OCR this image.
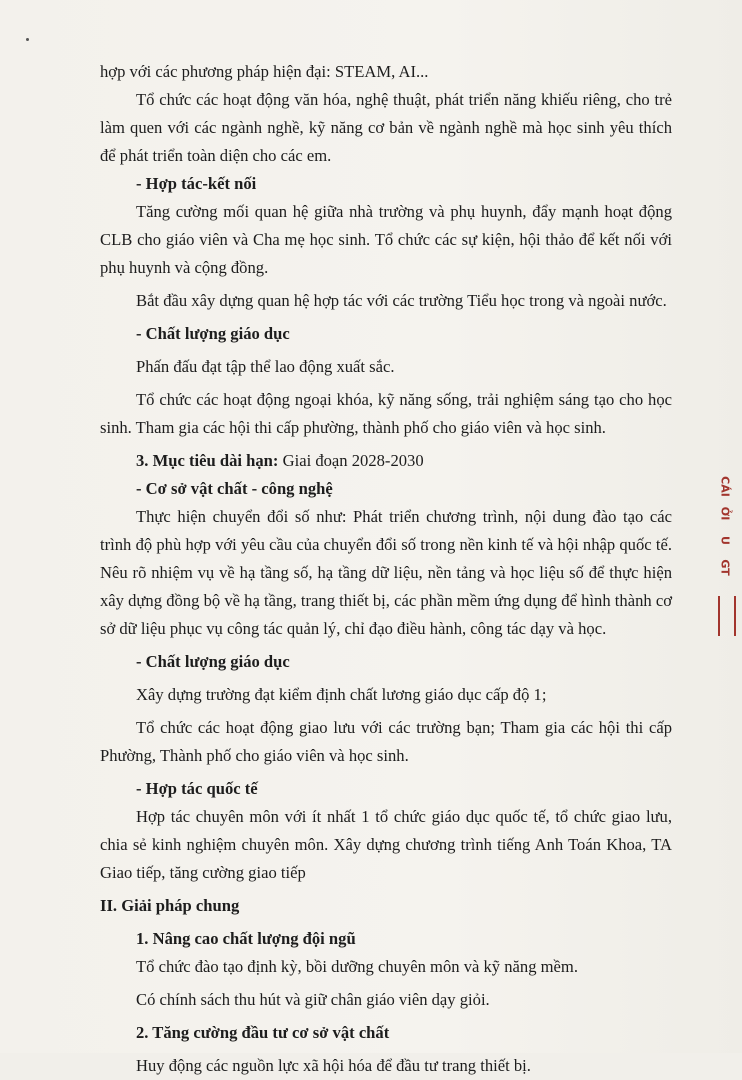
hợp với các phương pháp hiện đại: STEAM, AI...

Tổ chức các hoạt động văn hóa, nghệ thuật, phát triển năng khiếu riêng, cho trẻ làm quen với các ngành nghề, kỹ năng cơ bản về ngành nghề mà học sinh yêu thích để phát triển toàn diện cho các em.

- Hợp tác-kết nối

Tăng cường mối quan hệ giữa nhà trường và phụ huynh, đẩy mạnh hoạt động CLB cho giáo viên và Cha mẹ học sinh. Tổ chức các sự kiện, hội thảo để kết nối với phụ huynh và cộng đồng.

Bắt đầu xây dựng quan hệ hợp tác với các trường Tiểu học trong và ngoài nước.

- Chất lượng giáo dục

Phấn đấu đạt tập thể lao động xuất sắc.

Tổ chức các hoạt động ngoại khóa, kỹ năng sống, trải nghiệm sáng tạo cho học sinh. Tham gia các hội thi cấp phường, thành phố cho giáo viên và học sinh.

3. Mục tiêu dài hạn: Giai đoạn 2028-2030

- Cơ sở vật chất - công nghệ

Thực hiện chuyển đổi số như: Phát triển chương trình, nội dung đào tạo các trình độ phù hợp với yêu cầu của chuyển đổi số trong nền kinh tế và hội nhập quốc tế. Nêu rõ nhiệm vụ về hạ tầng số, hạ tầng dữ liệu, nền tảng và học liệu số để thực hiện xây dựng đồng bộ về hạ tầng, trang thiết bị, các phần mềm ứng dụng để hình thành cơ sở dữ liệu phục vụ công tác quản lý, chỉ đạo điều hành, công tác dạy và học.

- Chất lượng giáo dục

Xây dựng trường đạt kiểm định chất lương giáo dục cấp độ 1;

Tổ chức các hoạt động giao lưu với các trường bạn; Tham gia các hội thi cấp Phường, Thành phố cho giáo viên và học sinh.

- Hợp tác quốc tế

Hợp tác chuyên môn với ít nhất 1 tổ chức giáo dục quốc tế, tổ chức giao lưu, chia sẻ kinh nghiệm chuyên môn. Xây dựng chương trình tiếng Anh Toán Khoa, TA Giao tiếp, tăng cường giao tiếp

II. Giải pháp chung

1. Nâng cao chất lượng đội ngũ

Tổ chức đào tạo định kỳ, bồi dưỡng chuyên môn và kỹ năng mềm.

Có chính sách thu hút và giữ chân giáo viên dạy giỏi.

2. Tăng cường đầu tư cơ sở vật chất

Huy động các nguồn lực xã hội hóa để đầu tư trang thiết bị.

CÁI
ỞI
U
GT
